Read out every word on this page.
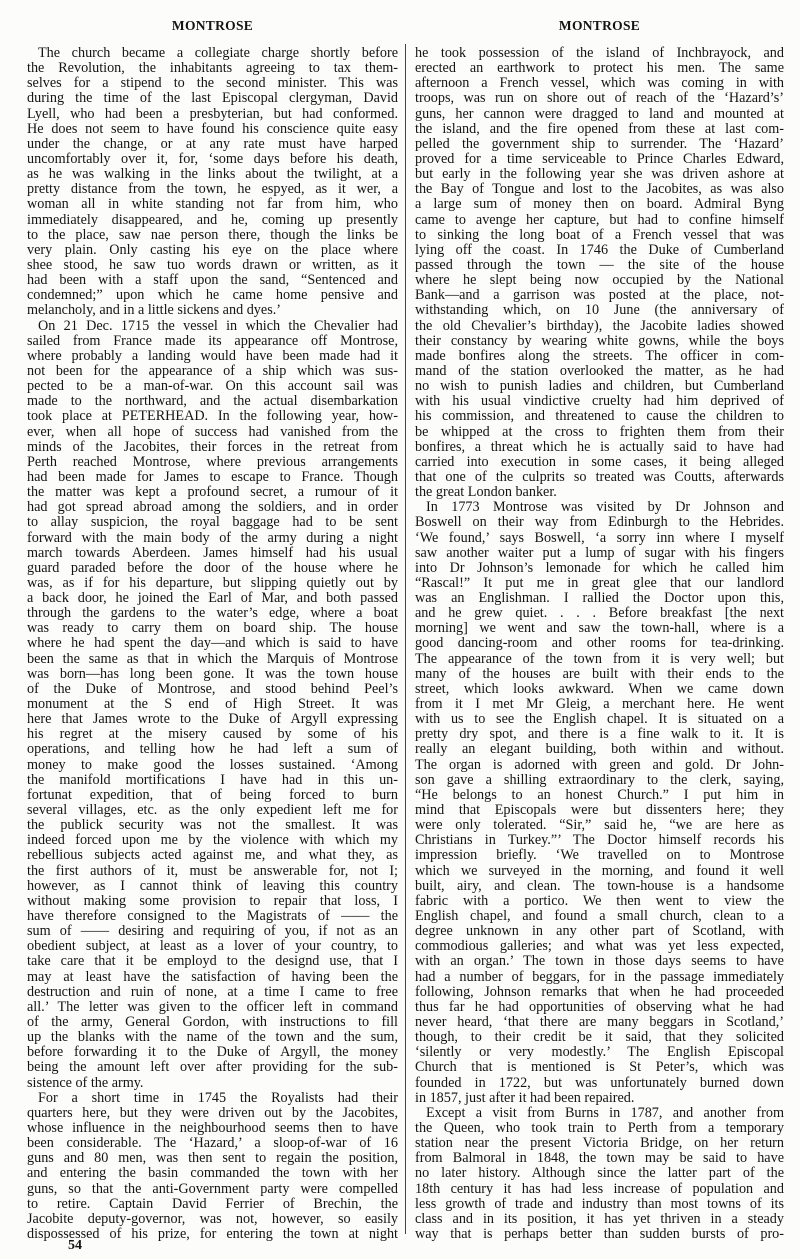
MONTROSE	MONTROSE
The church became a collegiate charge shortly before
the Revolution, the inhabitants agreeing to tax them-
selves for a stipend to the second minister. This was
during the time of the last Episcopal clergyman, David
Lyell, who had been a presbyterian, but had conformed.
He does not seem to have found his conscience quite easy
under the change, or at any rate must have harped
uncomfortably over it, for, ‘some days before his death,
as he was walking in the links about the twilight, at a
pretty distance from the town, he espyed, as it wer, a
woman all in white standing not far from him, who
immediately disappeared, and he, coming up presently
to the place, saw nae person there, though the links be
very plain. Only casting his eye on the place where
shee stood, he saw tuo words drawn or written, as it
had been with a staff upon the sand, “Sentenced and
condemned;” upon which he came home pensive and
melancholy, and in a little sickens and dyes.’
On 21 Dec. 1715 the vessel in which the Chevalier had
sailed from France made its appearance off Montrose,
where probably a landing would have been made had it
not been for the appearance of a ship which was sus-
pected to be a man-of-war. On this account sail was
made to the northward, and the actual disembarkation
took place at PETERHEAD. In the following year, how-
ever, when all hope of success had vanished from the
minds of the Jacobites, their forces in the retreat from
Perth reached Montrose, where previous arrangements
had been made for James to escape to France. Though
the matter was kept a profound secret, a rumour of it
had got spread abroad among the soldiers, and in order
to allay suspicion, the royal baggage had to be sent
forward with the main body of the army during a night
march towards Aberdeen. James himself had his usual
guard paraded before the door of the house where he
was, as if for his departure, but slipping quietly out by
a back door, he joined the Earl of Mar, and both passed
through the gardens to the water’s edge, where a boat
was ready to carry them on board ship. The house
where he had spent the day—and which is said to have
been the same as that in which the Marquis of Montrose
was born—has long been gone. It was the town house
of the Duke of Montrose, and stood behind Peel’s
monument at the S end of High Street. It was
here that James wrote to the Duke of Argyll expressing
his regret at the misery caused by some of his
operations, and telling how he had left a sum of
money to make good the losses sustained. ‘Among
the manifold mortifications I have had in this un-
fortunat expedition, that of being forced to burn
several villages, etc. as the only expedient left me for
the publick security was not the smallest. It was
indeed forced upon me by the violence with which my
rebellious subjects acted against me, and what they, as
the first authors of it, must be answerable for, not I;
however, as I cannot think of leaving this country
without making some provision to repair that loss, I
have therefore consigned to the Magistrats of —— the
sum of —— desiring and requiring of you, if not as an
obedient subject, at least as a lover of your country, to
take care that it be employd to the designd use, that I
may at least have the satisfaction of having been the
destruction and ruin of none, at a time I came to free
all.’ The letter was given to the officer left in command
of the army, General Gordon, with instructions to fill
up the blanks with the name of the town and the sum,
before forwarding it to the Duke of Argyll, the money
being the amount left over after providing for the sub-
sistence of the army.
For a short time in 1745 the Royalists had their
quarters here, but they were driven out by the Jacobites,
whose influence in the neighbourhood seems then to have
been considerable. The ‘Hazard,’ a sloop-of-war of 16
guns and 80 men, was then sent to regain the position,
and entering the basin commanded the town with her
guns, so that the anti-Government party were compelled
to retire. Captain David Ferrier of Brechin, the
Jacobite deputy-governor, was not, however, so easily
dispossessed of his prize, for entering the town at night
he took possession of the island of Inchbrayock, and
erected an earthwork to protect his men. The same
afternoon a French vessel, which was coming in with
troops, was run on shore out of reach of the ‘Hazard’s’
guns, her cannon were dragged to land and mounted at
the island, and the fire opened from these at last com-
pelled the government ship to surrender. The ‘Hazard’
proved for a time serviceable to Prince Charles Edward,
but early in the following year she was driven ashore at
the Bay of Tongue and lost to the Jacobites, as was also
a large sum of money then on board. Admiral Byng
came to avenge her capture, but had to confine himself
to sinking the long boat of a French vessel that was
lying off the coast. In 1746 the Duke of Cumberland
passed through the town — the site of the house
where he slept being now occupied by the National
Bank—and a garrison was posted at the place, not-
withstanding which, on 10 June (the anniversary of
the old Chevalier’s birthday), the Jacobite ladies showed
their constancy by wearing white gowns, while the boys
made bonfires along the streets. The officer in com-
mand of the station overlooked the matter, as he had
no wish to punish ladies and children, but Cumberland
with his usual vindictive cruelty had him deprived of
his commission, and threatened to cause the children to
be whipped at the cross to frighten them from their
bonfires, a threat which he is actually said to have had
carried into execution in some cases, it being alleged
that one of the culprits so treated was Coutts, afterwards
the great London banker.
In 1773 Montrose was visited by Dr Johnson and
Boswell on their way from Edinburgh to the Hebrides.
‘We found,’ says Boswell, ‘a sorry inn where I myself
saw another waiter put a lump of sugar with his fingers
into Dr Johnson’s lemonade for which he called him
“Rascal!” It put me in great glee that our landlord
was an Englishman. I rallied the Doctor upon this,
and he grew quiet. . . . Before breakfast [the next
morning] we went and saw the town-hall, where is a
good dancing-room and other rooms for tea-drinking.
The appearance of the town from it is very well; but
many of the houses are built with their ends to the
street, which looks awkward. When we came down
from it I met Mr Gleig, a merchant here. He went
with us to see the English chapel. It is situated on a
pretty dry spot, and there is a fine walk to it. It is
really an elegant building, both within and without.
The organ is adorned with green and gold. Dr John-
son gave a shilling extraordinary to the clerk, saying,
“He belongs to an honest Church.” I put him in
mind that Episcopals were but dissenters here; they
were only tolerated. “Sir,” said he, “we are here as
Christians in Turkey.”’ The Doctor himself records his
impression briefly. ‘We travelled on to Montrose
which we surveyed in the morning, and found it well
built, airy, and clean. The town-house is a handsome
fabric with a portico. We then went to view the
English chapel, and found a small church, clean to a
degree unknown in any other part of Scotland, with
commodious galleries; and what was yet less expected,
with an organ.’ The town in those days seems to have
had a number of beggars, for in the passage immediately
following, Johnson remarks that when he had proceeded
thus far he had opportunities of observing what he had
never heard, ‘that there are many beggars in Scotland,’
though, to their credit be it said, that they solicited
‘silently or very modestly.’ The English Episcopal
Church that is mentioned is St Peter’s, which was
founded in 1722, but was unfortunately burned down
in 1857, just after it had been repaired.
Except a visit from Burns in 1787, and another from
the Queen, who took train to Perth from a temporary
station near the present Victoria Bridge, on her return
from Balmoral in 1848, the town may be said to have
no later history. Although since the latter part of the
18th century it has had less increase of population and
less growth of trade and industry than most towns of its
class and in its position, it has yet thriven in a steady
way that is perhaps better than sudden bursts of pro-
54
